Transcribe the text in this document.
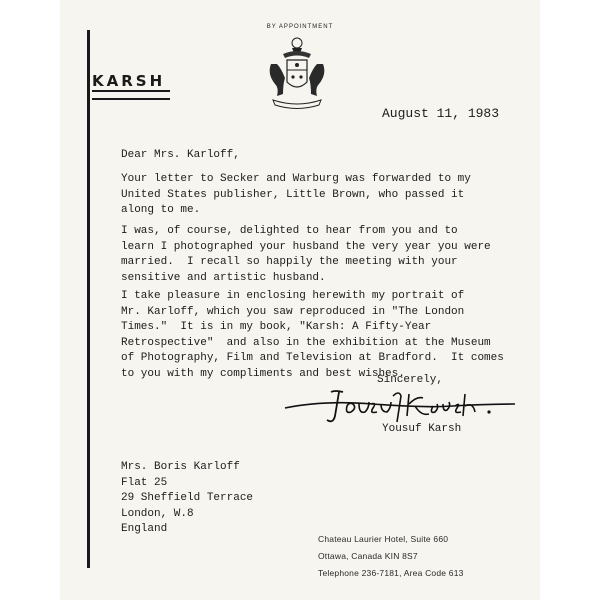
KARSH
BY APPOINTMENT
August 11, 1983
Dear Mrs. Karloff,
Your letter to Secker and Warburg was forwarded to my
United States publisher, Little Brown, who passed it
along to me.
I was, of course, delighted to hear from you and to
learn I photographed your husband the very year you were
married.  I recall so happily the meeting with your
sensitive and artistic husband.
I take pleasure in enclosing herewith my portrait of
Mr. Karloff, which you saw reproduced in "The London
Times."  It is in my book, "Karsh: A Fifty-Year
Retrospective"  and also in the exhibition at the Museum
of Photography, Film and Television at Bradford.  It comes
to you with my compliments and best wishes.
Sincerely,
Yousuf Karsh
Mrs. Boris Karloff
Flat 25
29 Sheffield Terrace
London, W.8
England
Chateau Laurier Hotel, Suite 660
Ottawa, Canada KIN 8S7
Telephone 236-7181, Area Code 613
